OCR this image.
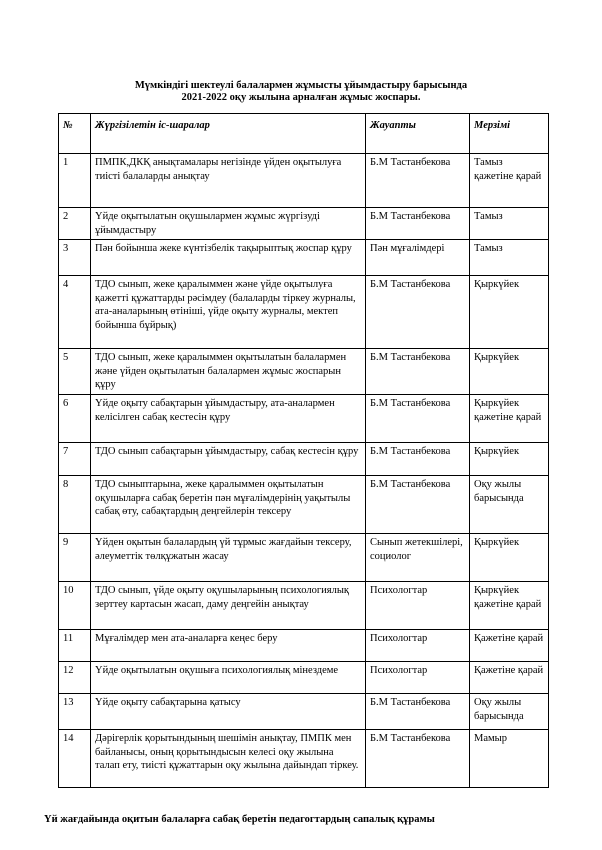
Мүмкіндігі шектеулі балалармен жұмысты ұйымдастыру барысында
2021-2022 оқу жылына арналған жұмыс жоспары.
№	Жүргізілетін іс-шаралар	Жауапты	Мерзімі
1	ПМПК,ДКҚ анықтамалары негізінде үйден оқытылуға тиісті балаларды анықтау	Б.М Тастанбекова	Тамыз қажетіне қарай
2	Үйде оқытылатын оқушылармен жұмыс жүргізуді ұйымдастыру	Б.М Тастанбекова	Тамыз
3	Пән бойынша жеке күнтізбелік тақырыптық жоспар құру	Пән мұғалімдері	Тамыз
4	ТДО сынып, жеке қаралыммен және үйде оқытылуға қажетті құжаттарды рәсімдеу (балаларды тіркеу журналы, ата-аналарының өтініші, үйде оқыту журналы, мектеп бойынша бұйрық)	Б.М Тастанбекова	Қыркүйек
5	ТДО сынып, жеке қаралыммен оқытылатын балалармен және үйден оқытылатын балалармен жұмыс жоспарын құру	Б.М Тастанбекова	Қыркүйек
6	Үйде оқыту сабақтарын ұйымдастыру, ата-аналармен келісілген сабақ кестесін құру	Б.М Тастанбекова	Қыркүйек қажетіне қарай
7	ТДО сынып сабақтарын ұйымдастыру, сабақ кестесін құру	Б.М Тастанбекова	Қыркүйек
8	ТДО сыныптарына, жеке қаралыммен оқытылатын оқушыларға сабақ беретін пән мұғалімдерінің уақытылы сабақ өту, сабақтардың деңгейлерін тексеру	Б.М Тастанбекова	Оқу жылы барысында
9	Үйден оқытын балалардың үй тұрмыс жағдайын тексеру, әлеуметтік төлқұжатын жасау	Сынып жетекшілері, социолог	Қыркүйек
10	ТДО сынып, үйде оқыту оқушыларының психологиялық зерттеу картасын жасап, даму деңгейін анықтау	Психологтар	Қыркүйек қажетіне қарай
11	Мұғалімдер мен ата-аналарға кеңес беру	Психологтар	Қажетіне қарай
12	Үйде оқытылатын оқушыға психологиялық мінездеме	Психологтар	Қажетіне қарай
13	Үйде оқыту сабақтарына қатысу	Б.М Тастанбекова	Оқу жылы барысында
14	Дәрігерлік қорытындының шешімін анықтау, ПМПК мен байланысы, оның қорытындысын келесі оқу жылына талап ету, тиісті құжаттарын оқу жылына дайындап тіркеу.	Б.М Тастанбекова	Мамыр
Үй жағдайында оқитын балаларға сабақ беретін педагогтардың сапалық құрамы
